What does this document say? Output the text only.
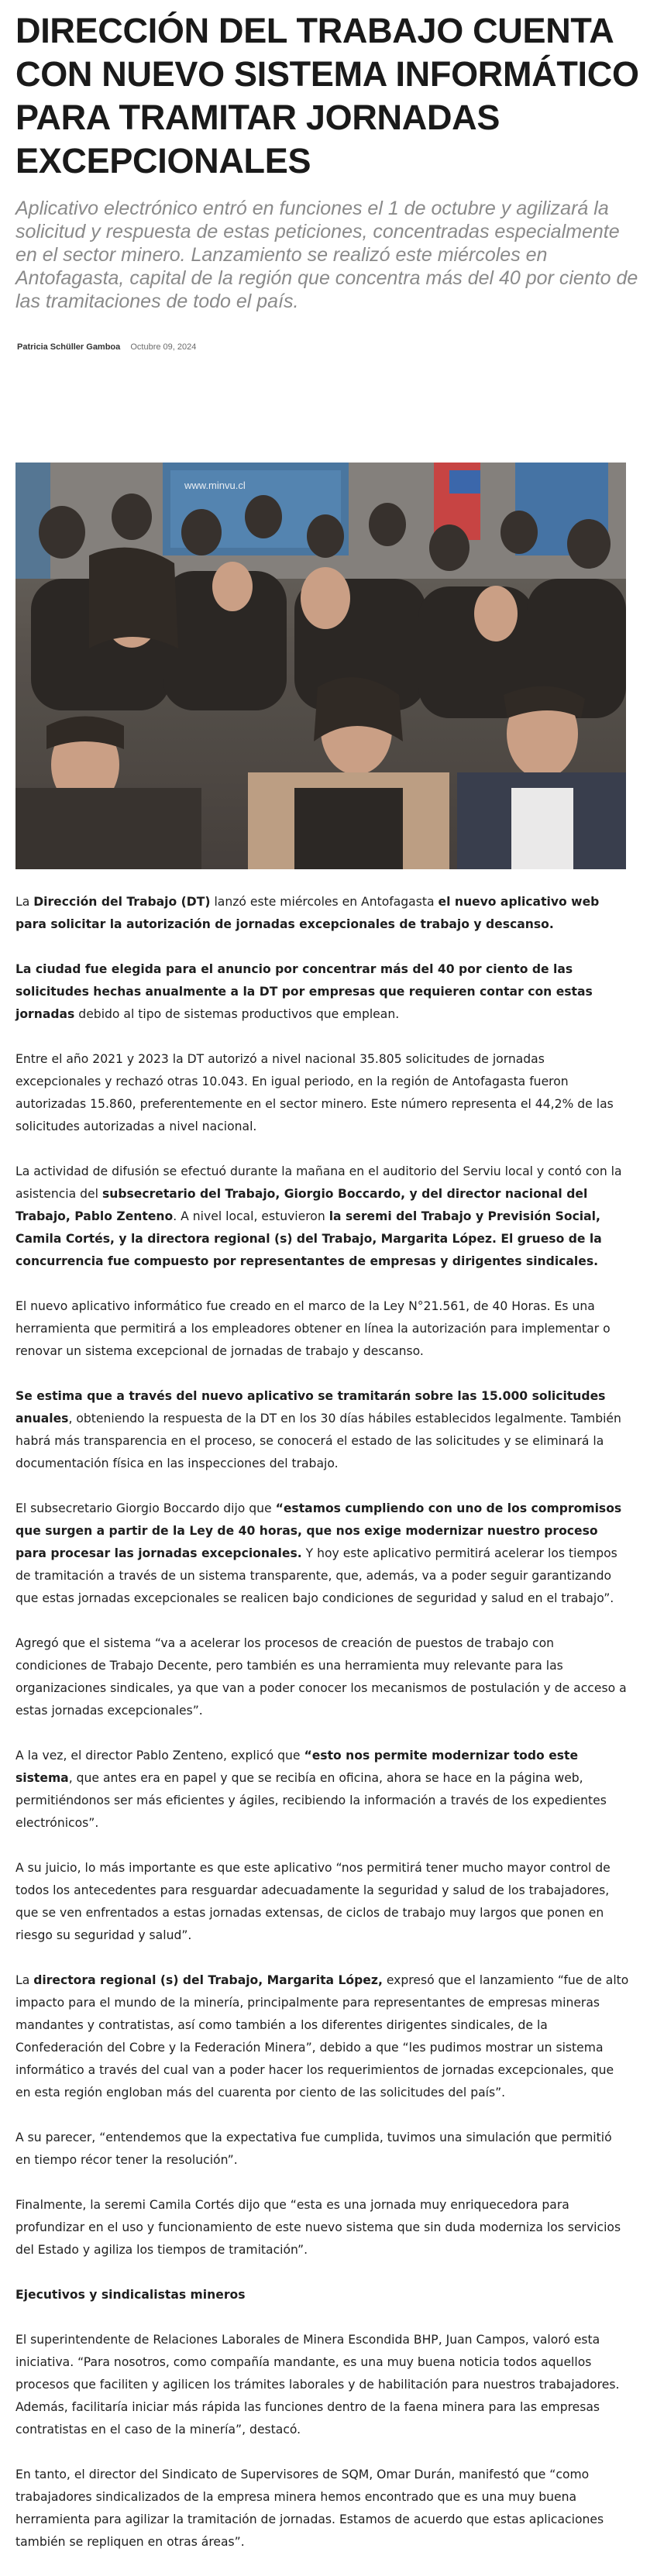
DIRECCIÓN DEL TRABAJO CUENTA CON NUEVO SISTEMA INFORMÁTICO PARA TRAMITAR JORNADAS EXCEPCIONALES

Aplicativo electrónico entró en funciones el 1 de octubre y agilizará la solicitud y respuesta de estas peticiones, concentradas especialmente en el sector minero. Lanzamiento se realizó este miércoles en Antofagasta, capital de la región que concentra más del 40 por ciento de las tramitaciones de todo el país.

Patricia Schüller Gamboa Octubre 09, 2024

La Dirección del Trabajo (DT) lanzó este miércoles en Antofagasta el nuevo aplicativo web para solicitar la autorización de jornadas excepcionales de trabajo y descanso.

La ciudad fue elegida para el anuncio por concentrar más del 40 por ciento de las solicitudes hechas anualmente a la DT por empresas que requieren contar con estas jornadas debido al tipo de sistemas productivos que emplean.

Entre el año 2021 y 2023 la DT autorizó a nivel nacional 35.805 solicitudes de jornadas excepcionales y rechazó otras 10.043. En igual periodo, en la región de Antofagasta fueron autorizadas 15.860, preferentemente en el sector minero. Este número representa el 44,2% de las solicitudes autorizadas a nivel nacional.

La actividad de difusión se efectuó durante la mañana en el auditorio del Serviu local y contó con la asistencia del subsecretario del Trabajo, Giorgio Boccardo, y del director nacional del Trabajo, Pablo Zenteno. A nivel local, estuvieron la seremi del Trabajo y Previsión Social, Camila Cortés, y la directora regional (s) del Trabajo, Margarita López. El grueso de la concurrencia fue compuesto por representantes de empresas y dirigentes sindicales.

El nuevo aplicativo informático fue creado en el marco de la Ley N°21.561, de 40 Horas. Es una herramienta que permitirá a los empleadores obtener en línea la autorización para implementar o renovar un sistema excepcional de jornadas de trabajo y descanso.

Se estima que a través del nuevo aplicativo se tramitarán sobre las 15.000 solicitudes anuales, obteniendo la respuesta de la DT en los 30 días hábiles establecidos legalmente. También habrá más transparencia en el proceso, se conocerá el estado de las solicitudes y se eliminará la documentación física en las inspecciones del trabajo.

El subsecretario Giorgio Boccardo dijo que “estamos cumpliendo con uno de los compromisos que surgen a partir de la Ley de 40 horas, que nos exige modernizar nuestro proceso para procesar las jornadas excepcionales. Y hoy este aplicativo permitirá acelerar los tiempos de tramitación a través de un sistema transparente, que, además, va a poder seguir garantizando que estas jornadas excepcionales se realicen bajo condiciones de seguridad y salud en el trabajo”.

Agregó que el sistema “va a acelerar los procesos de creación de puestos de trabajo con condiciones de Trabajo Decente, pero también es una herramienta muy relevante para las organizaciones sindicales, ya que van a poder conocer los mecanismos de postulación y de acceso a estas jornadas excepcionales”.

A la vez, el director Pablo Zenteno, explicó que “esto nos permite modernizar todo este sistema, que antes era en papel y que se recibía en oficina, ahora se hace en la página web, permitiéndonos ser más eficientes y ágiles, recibiendo la información a través de los expedientes electrónicos”.

A su juicio, lo más importante es que este aplicativo “nos permitirá tener mucho mayor control de todos los antecedentes para resguardar adecuadamente la seguridad y salud de los trabajadores, que se ven enfrentados a estas jornadas extensas, de ciclos de trabajo muy largos que ponen en riesgo su seguridad y salud”.

La directora regional (s) del Trabajo, Margarita López, expresó que el lanzamiento “fue de alto impacto para el mundo de la minería, principalmente para representantes de empresas mineras mandantes y contratistas, así como también a los diferentes dirigentes sindicales, de la Confederación del Cobre y la Federación Minera”, debido a que “les pudimos mostrar un sistema informático a través del cual van a poder hacer los requerimientos de jornadas excepcionales, que en esta región engloban más del cuarenta por ciento de las solicitudes del país”.

A su parecer, “entendemos que la expectativa fue cumplida, tuvimos una simulación que permitió en tiempo récor tener la resolución”.

Finalmente, la seremi Camila Cortés dijo que “esta es una jornada muy enriquecedora para profundizar en el uso y funcionamiento de este nuevo sistema que sin duda moderniza los servicios del Estado y agiliza los tiempos de tramitación”.

Ejecutivos y sindicalistas mineros

El superintendente de Relaciones Laborales de Minera Escondida BHP, Juan Campos, valoró esta iniciativa. “Para nosotros, como compañía mandante, es una muy buena noticia todos aquellos procesos que faciliten y agilicen los trámites laborales y de habilitación para nuestros trabajadores. Además, facilitaría iniciar más rápida las funciones dentro de la faena minera para las empresas contratistas en el caso de la minería”, destacó.

En tanto, el director del Sindicato de Supervisores de SQM, Omar Durán, manifestó que “como trabajadores sindicalizados de la empresa minera hemos encontrado que es una muy buena herramienta para agilizar la tramitación de jornadas. Estamos de acuerdo que estas aplicaciones también se repliquen en otras áreas”.
